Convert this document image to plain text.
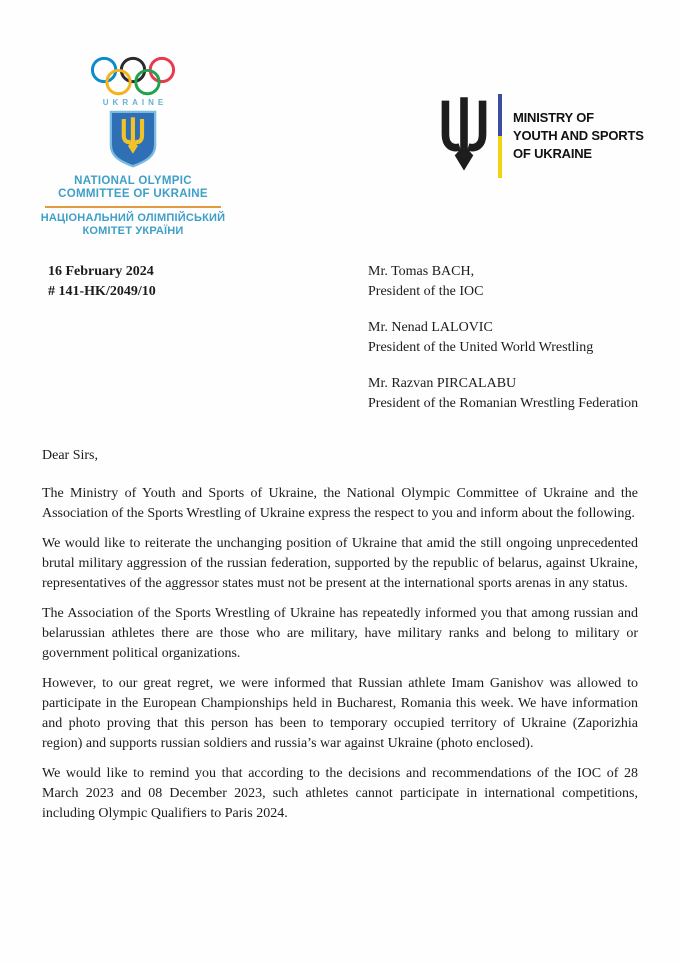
UKRAINE
NATIONAL OLYMPIC
COMMITTEE OF UKRAINE
НАЦІОНАЛЬНИЙ ОЛІМПІЙСЬКИЙ
КОМІТЕТ УКРАЇНИ
MINISTRY OF
YOUTH AND SPORTS
OF UKRAINE
16 February 2024
# 141-HK/2049/10
Mr. Tomas BACH,
President of the IOC
Mr. Nenad LALOVIC
President of the United World Wrestling
Mr. Razvan PIRCALABU
President of the Romanian Wrestling Federation

Dear Sirs,

The Ministry of Youth and Sports of Ukraine, the National Olympic Committee of Ukraine and the Association of the Sports Wrestling of Ukraine express the respect to you and inform about the following.

We would like to reiterate the unchanging position of Ukraine that amid the still ongoing unprecedented brutal military aggression of the russian federation, supported by the republic of belarus, against Ukraine, representatives of the aggressor states must not be present at the international sports arenas in any status.

The Association of the Sports Wrestling of Ukraine has repeatedly informed you that among russian and belarussian athletes there are those who are military, have military ranks and belong to military or government political organizations.

However, to our great regret, we were informed that Russian athlete Imam Ganishov was allowed to participate in the European Championships held in Bucharest, Romania this week. We have information and photo proving that this person has been to temporary occupied territory of Ukraine (Zaporizhia region) and supports russian soldiers and russia’s war against Ukraine (photo enclosed).

We would like to remind you that according to the decisions and recommendations of the IOC of 28 March 2023 and 08 December 2023, such athletes cannot participate in international competitions, including Olympic Qualifiers to Paris 2024.
